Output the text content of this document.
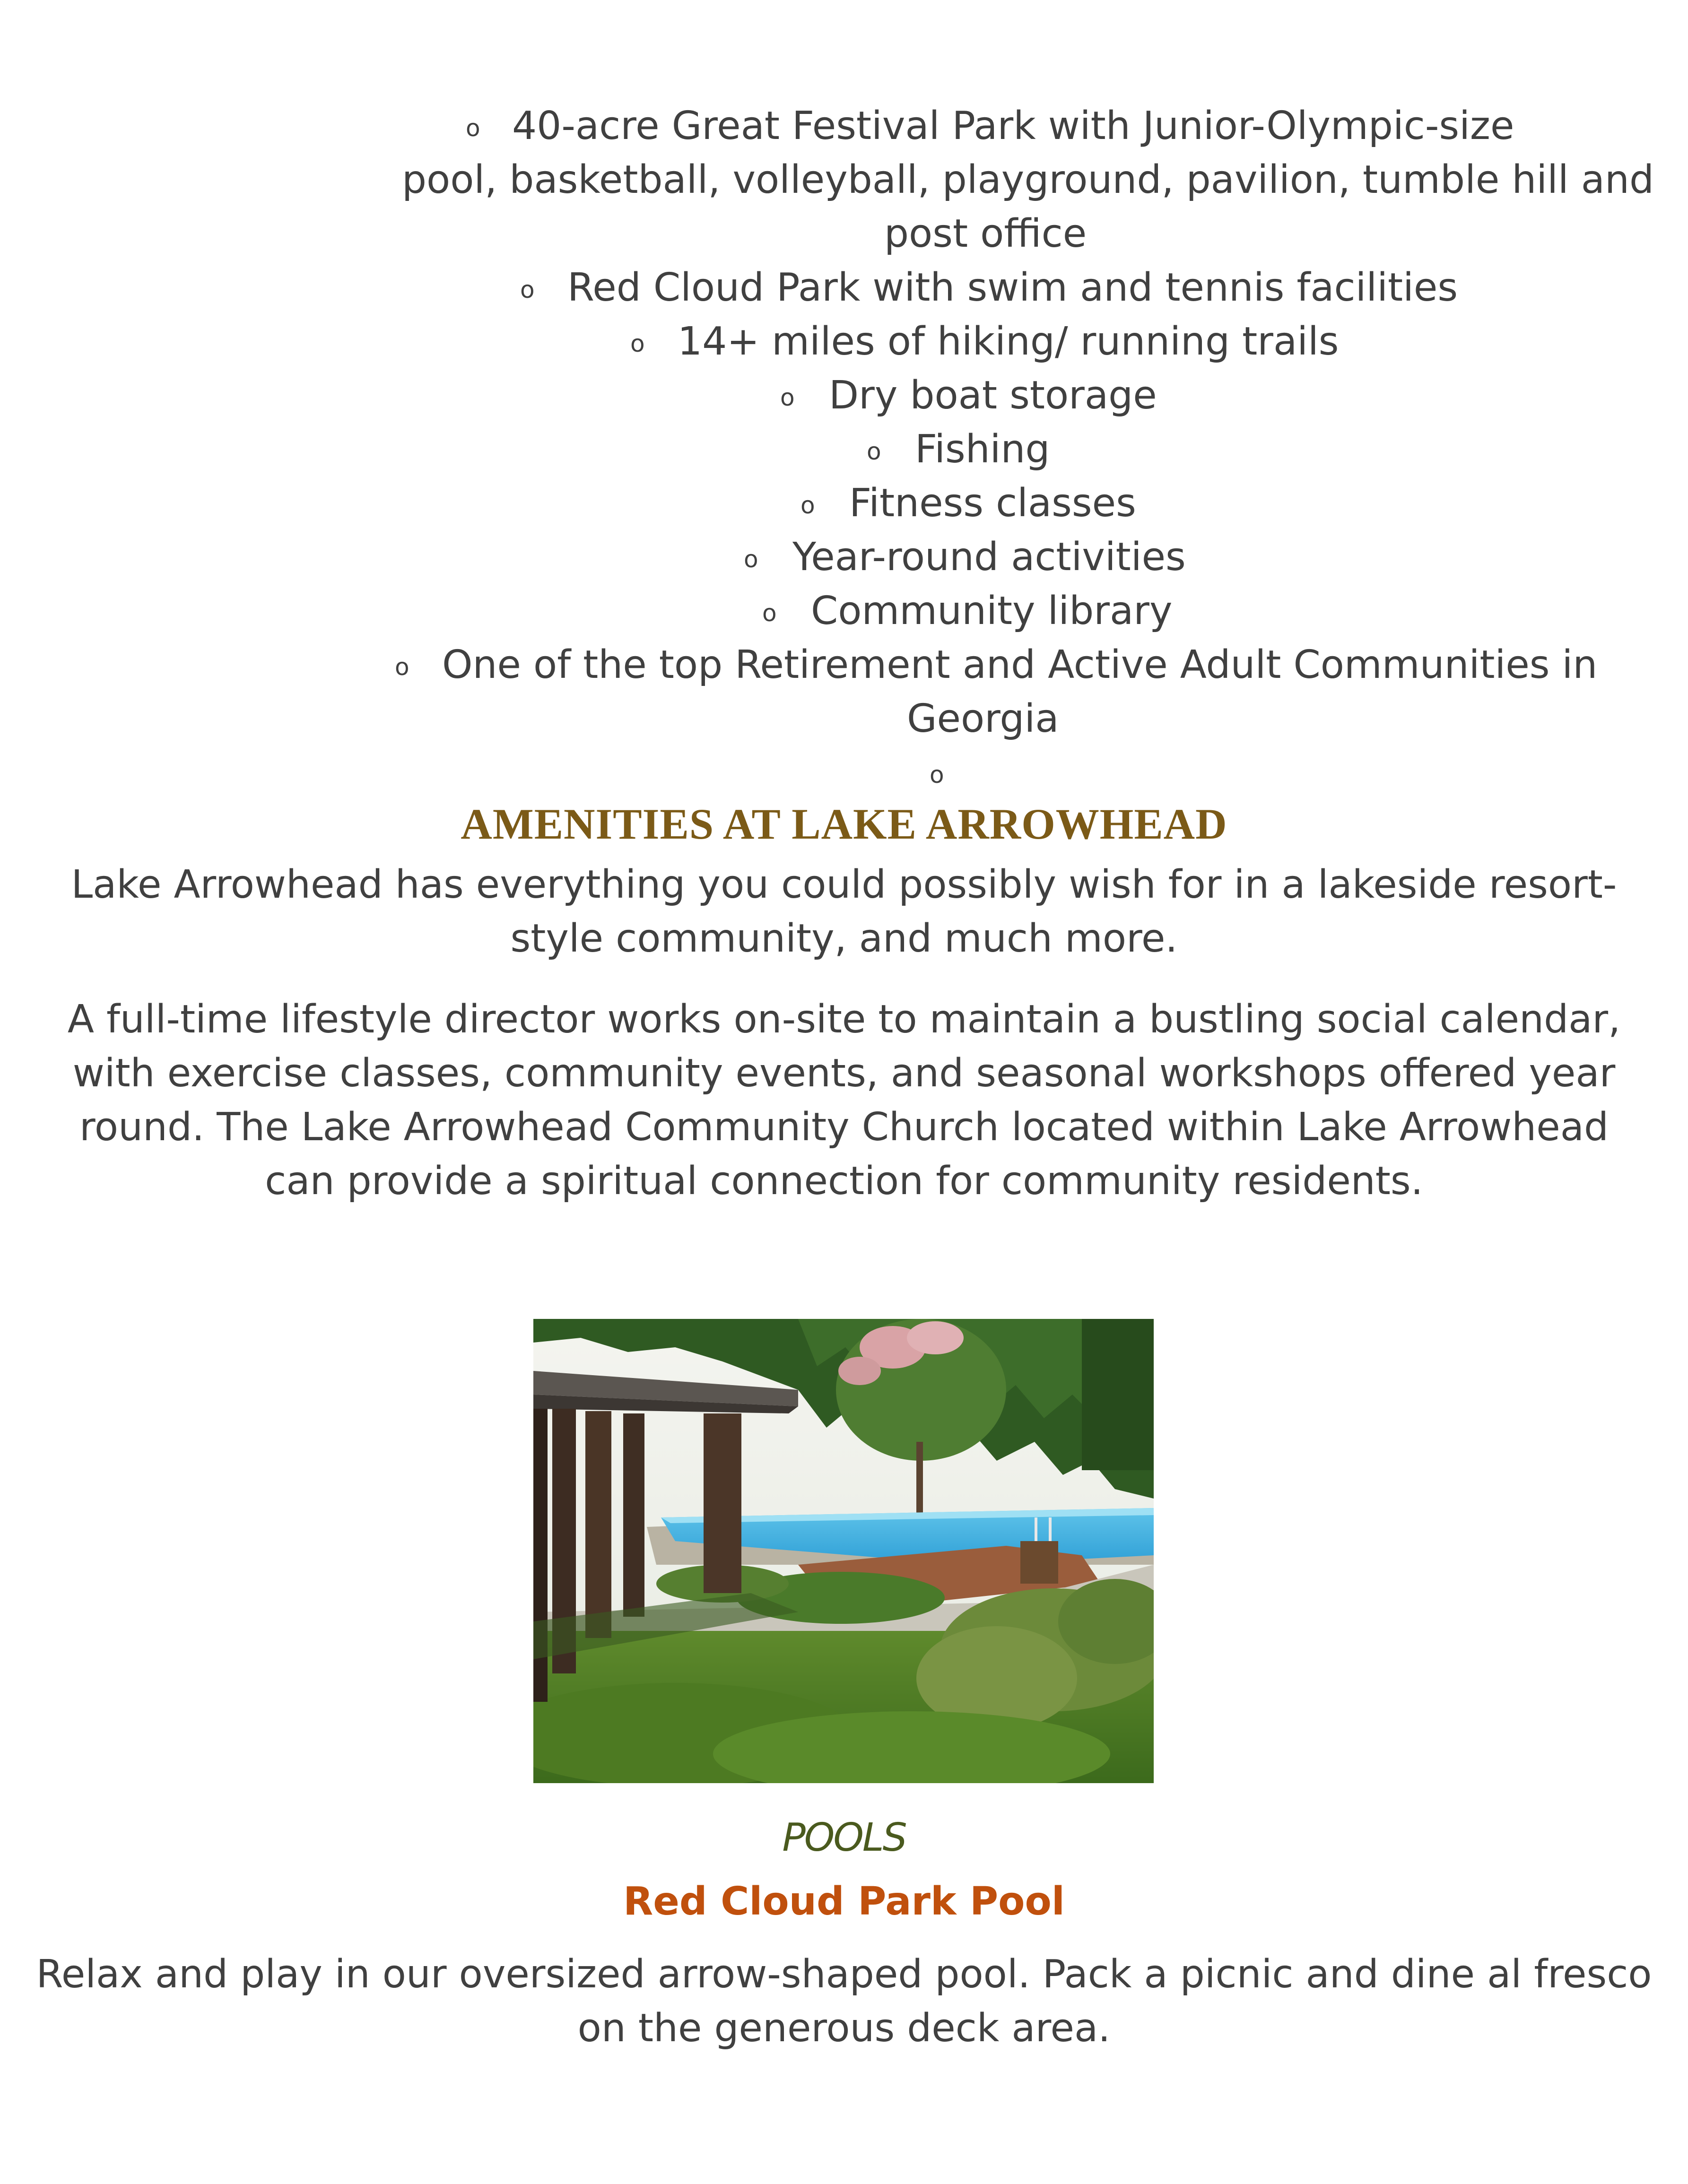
o 40-acre Great Festival Park with Junior-Olympic-size
pool, basketball, volleyball, playground, pavilion, tumble hill and
post office
o Red Cloud Park with swim and tennis facilities
o 14+ miles of hiking/ running trails
o Dry boat storage
o Fishing
o Fitness classes
o Year-round activities
o Community library
o One of the top Retirement and Active Adult Communities in
Georgia
o
AMENITIES AT LAKE ARROWHEAD
Lake Arrowhead has everything you could possibly wish for in a lakeside resort-
style community, and much more.
A full-time lifestyle director works on-site to maintain a bustling social calendar,
with exercise classes, community events, and seasonal workshops offered year
round. The Lake Arrowhead Community Church located within Lake Arrowhead
can provide a spiritual connection for community residents.
POOLS
Red Cloud Park Pool
Relax and play in our oversized arrow-shaped pool. Pack a picnic and dine al fresco
on the generous deck area.
